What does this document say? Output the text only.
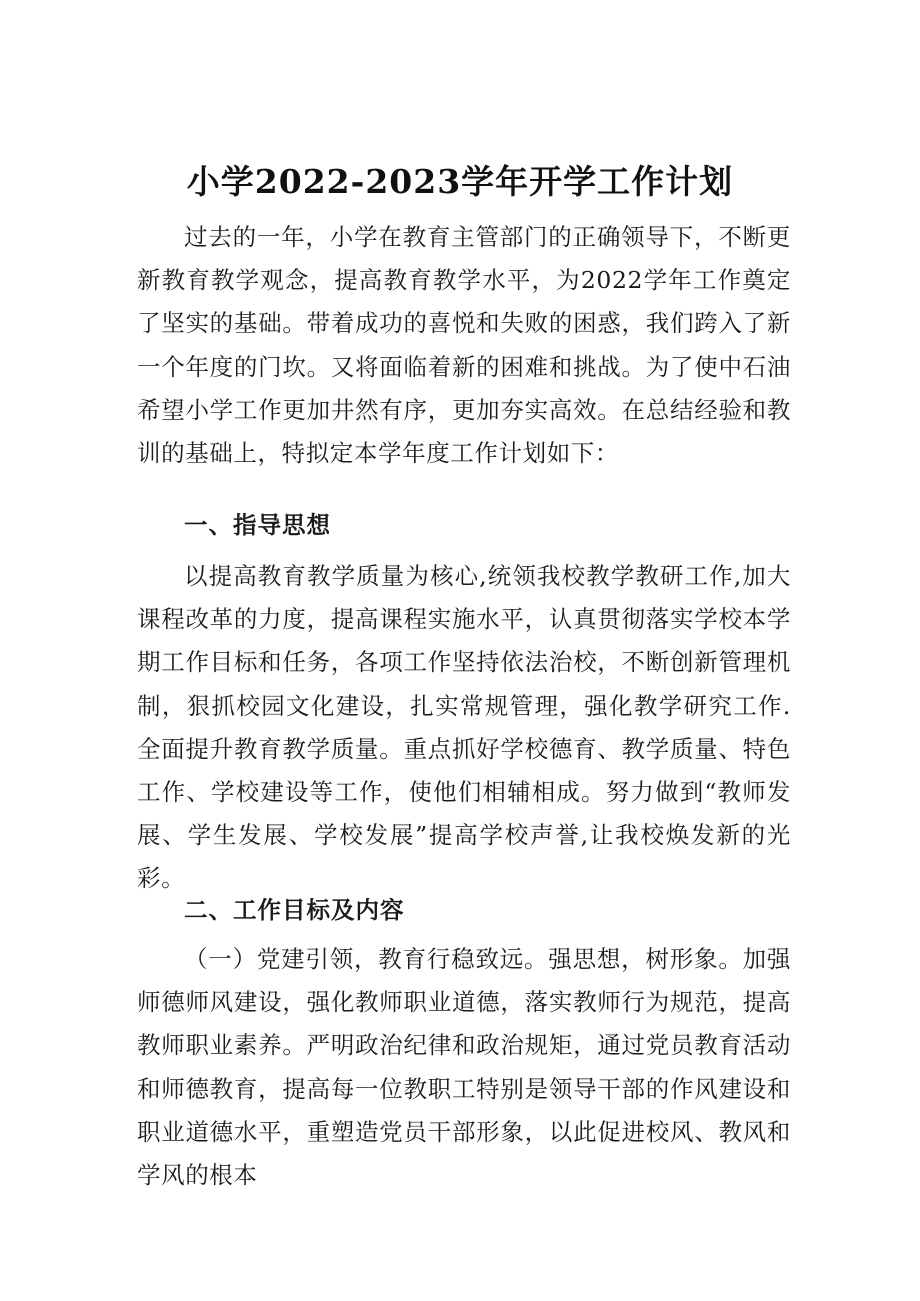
小学2022-2023学年开学工作计划

过去的一年，小学在教育主管部门的正确领导下，不断更新教育教学观念，提高教育教学水平，为2022学年工作奠定了坚实的基础。带着成功的喜悦和失败的困惑，我们跨入了新一个年度的门坎。又将面临着新的困难和挑战。为了使中石油希望小学工作更加井然有序，更加夯实高效。在总结经验和教训的基础上，特拟定本学年度工作计划如下：

一、指导思想

以提高教育教学质量为核心,统领我校教学教研工作,加大课程改革的力度，提高课程实施水平，认真贯彻落实学校本学期工作目标和任务，各项工作坚持依法治校，不断创新管理机制，狠抓校园文化建设，扎实常规管理，强化教学研究工作.全面提升教育教学质量。重点抓好学校德育、教学质量、特色工作、学校建设等工作，使他们相辅相成。努力做到“教师发展、学生发展、学校发展”提高学校声誉,让我校焕发新的光彩。

二、工作目标及内容

（一）党建引领，教育行稳致远。强思想，树形象。加强师德师风建设，强化教师职业道德，落实教师行为规范，提高教师职业素养。严明政治纪律和政治规矩，通过党员教育活动和师德教育，提高每一位教职工特别是领导干部的作风建设和职业道德水平，重塑造党员干部形象，以此促进校风、教风和学风的根本
